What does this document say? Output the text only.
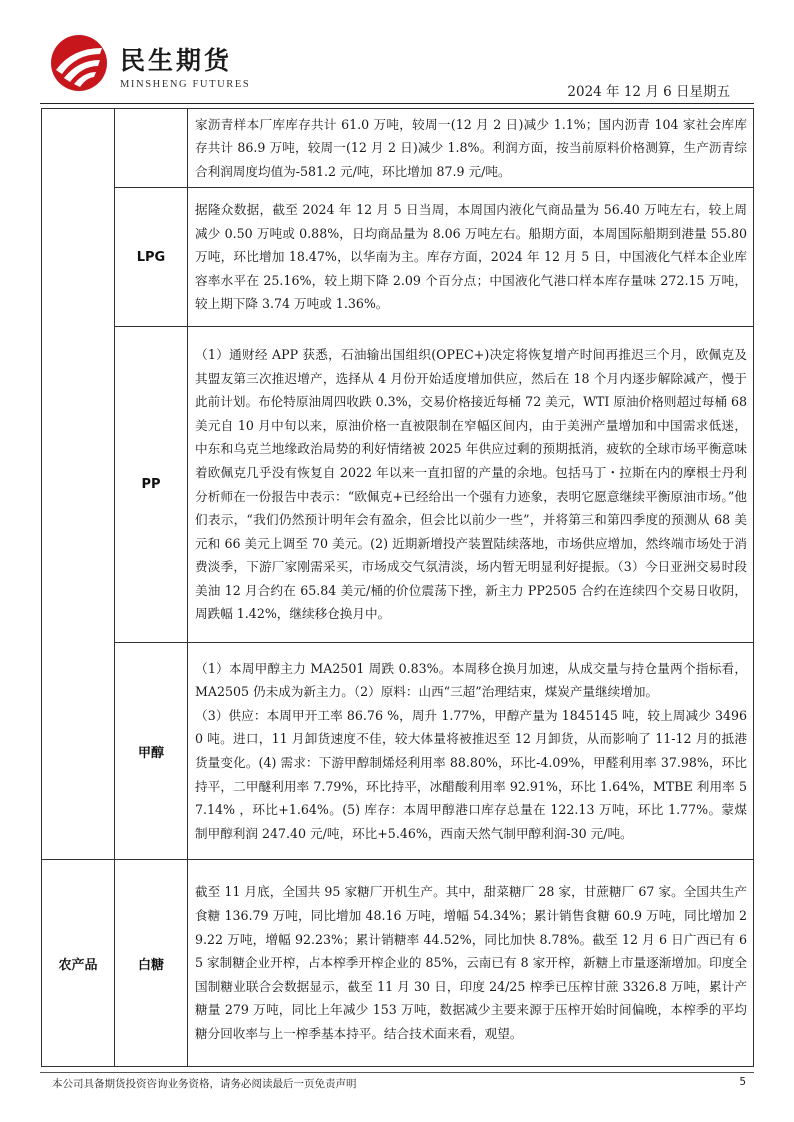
民生期货
MINSHENG FUTURES	2024 年 12 月 6 日星期五

		家沥青样本厂库库存共计 61.0 万吨，较周一(12 月 2 日)减少 1.1%；国内沥青 104 家社会库库存共计 86.9 万吨，较周一(12 月 2 日)减少 1.8%。利润方面，按当前原料价格测算，生产沥青综合利润周度均值为-581.2 元/吨，环比增加 87.9 元/吨。

	LPG	据隆众数据，截至 2024 年 12 月 5 日当周，本周国内液化气商品量为 56.40 万吨左右，较上周减少 0.50 万吨或 0.88%，日均商品量为 8.06 万吨左右。船期方面，本周国际船期到港量 55.80 万吨，环比增加 18.47%，以华南为主。库存方面，2024 年 12 月 5 日，中国液化气样本企业库容率水平在 25.16%，较上期下降 2.09 个百分点；中国液化气港口样本库存量味 272.15 万吨，较上期下降 3.74 万吨或 1.36%。

	PP	（1）通财经 APP 获悉，石油输出国组织(OPEC+)决定将恢复增产时间再推迟三个月，欧佩克及其盟友第三次推迟增产，选择从 4 月份开始适度增加供应，然后在 18 个月内逐步解除减产，慢于此前计划。布伦特原油周四收跌 0.3%，交易价格接近每桶 72 美元，WTI 原油价格则超过每桶 68 美元自 10 月中旬以来，原油价格一直被限制在窄幅区间内，由于美洲产量增加和中国需求低迷，中东和乌克兰地缘政治局势的利好情绪被 2025 年供应过剩的预期抵消，疲软的全球市场平衡意味着欧佩克几乎没有恢复自 2022 年以来一直扣留的产量的余地。包括马丁・拉斯在内的摩根士丹利分析师在一份报告中表示：“欧佩克+已经给出一个强有力迹象，表明它愿意继续平衡原油市场。”他们表示，“我们仍然预计明年会有盈余，但会比以前少一些”，并将第三和第四季度的预测从 68 美元和 66 美元上调至 70 美元。(2) 近期新增投产装置陆续落地，市场供应增加，然终端市场处于消费淡季，下游厂家刚需采买，市场成交气氛清淡，场内暂无明显利好提振。（3）今日亚洲交易时段美油 12 月合约在 65.84 美元/桶的价位震荡下挫，新主力 PP2505 合约在连续四个交易日收阴，周跌幅 1.42%，继续移仓换月中。

	甲醇	（1）本周甲醇主力 MA2501 周跌 0.83%。本周移仓换月加速，从成交量与持仓量两个指标看，MA2505 仍未成为新主力。（2）原料：山西“三超”治理结束，煤炭产量继续增加。

（3）供应：本周甲开工率 86.76 %，周升 1.77%，甲醇产量为 1845145 吨，较上周减少 34960 吨。进口，11 月卸货速度不佳，较大体量将被推迟至 12 月卸货，从而影响了 11-12 月的抵港货量变化。(4) 需求：下游甲醇制烯烃利用率 88.80%，环比-4.09%，甲醛利用率 37.98%，环比持平，二甲醚利用率 7.79%，环比持平，冰醋酸利用率 92.91%，环比 1.64%，MTBE 利用率 57.14% ，环比+1.64%。(5) 库存：本周甲醇港口库存总量在 122.13 万吨，环比 1.77%。蒙煤制甲醇利润 247.40 元/吨，环比+5.46%，西南天然气制甲醇利润-30 元/吨。

农产品	白糖	截至 11 月底，全国共 95 家糖厂开机生产。其中，甜菜糖厂 28 家，甘蔗糖厂 67 家。全国共生产食糖 136.79 万吨，同比增加 48.16 万吨，增幅 54.34%；累计销售食糖 60.9 万吨，同比增加 29.22 万吨，增幅 92.23%；累计销糖率 44.52%，同比加快 8.78%。截至 12 月 6 日广西已有 65 家制糖企业开榨，占本榨季开榨企业的 85%，云南已有 8 家开榨，新糖上市量逐渐增加。印度全国制糖业联合会数据显示，截至 11 月 30 日，印度 24/25 榨季已压榨甘蔗 3326.8 万吨，累计产糖量 279 万吨，同比上年减少 153 万吨，数据减少主要来源于压榨开始时间偏晚，本榨季的平均糖分回收率与上一榨季基本持平。结合技术面来看，观望。

本公司具备期货投资咨询业务资格，请务必阅读最后一页免责声明	5
